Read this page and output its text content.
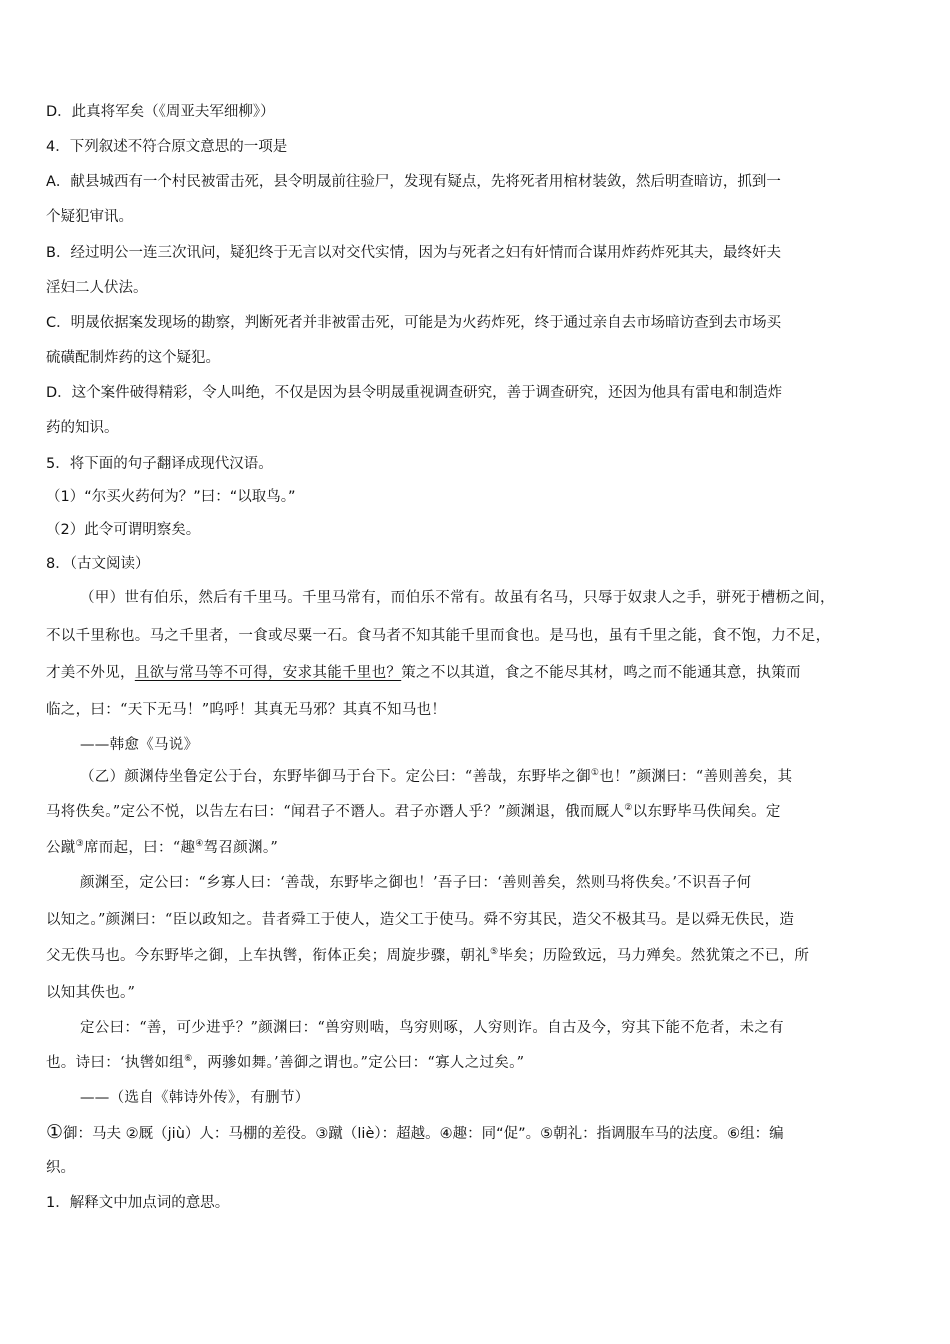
D．此真将军矣（《周亚夫军细柳》）
4．下列叙述不符合原文意思的一项是
A．献县城西有一个村民被雷击死，县令明晟前往验尸，发现有疑点，先将死者用棺材装敛，然后明查暗访，抓到一
个疑犯审讯。
B．经过明公一连三次讯问，疑犯终于无言以对交代实情，因为与死者之妇有奸情而合谋用炸药炸死其夫，最终奸夫
淫妇二人伏法。
C．明晟依据案发现场的勘察，判断死者并非被雷击死，可能是为火药炸死，终于通过亲自去市场暗访查到去市场买
硫磺配制炸药的这个疑犯。
D．这个案件破得精彩，令人叫绝，不仅是因为县令明晟重视调查研究，善于调查研究，还因为他具有雷电和制造炸
药的知识。
5．将下面的句子翻译成现代汉语。
（1）“尔买火药何为？”曰：“以取鸟。”
（2）此令可谓明察矣。
8．（古文阅读）
（甲）世有伯乐，然后有千里马。千里马常有，而伯乐不常有。故虽有名马，只辱于奴隶人之手，骈死于槽枥之间，
不以千里称也。马之千里者，一食或尽粟一石。食马者不知其能千里而食也。是马也，虽有千里之能，食不饱，力不足，
才美不外见，且欲与常马等不可得，安求其能千里也？策之不以其道，食之不能尽其材，鸣之而不能通其意，执策而
临之，曰：“天下无马！”呜呼！其真无马邪？其真不知马也！
——韩愈《马说》
（乙）颜渊侍坐鲁定公于台，东野毕御马于台下。定公曰：“善哉，东野毕之御①也！”颜渊曰：“善则善矣，其
马将佚矣。”定公不悦，以告左右曰：“闻君子不谮人。君子亦谮人乎？”颜渊退，俄而厩人②以东野毕马佚闻矣。定
公蹴③席而起，曰：“趣④驾召颜渊。”
颜渊至，定公曰：“乡寡人曰：‘善哉，东野毕之御也！’吾子曰：‘善则善矣，然则马将佚矣。’不识吾子何
以知之。”颜渊曰：“臣以政知之。昔者舜工于使人，造父工于使马。舜不穷其民，造父不极其马。是以舜无佚民，造
父无佚马也。今东野毕之御，上车执辔，衔体正矣；周旋步骤，朝礼⑤毕矣；历险致远，马力殚矣。然犹策之不已，所
以知其佚也。”
定公曰：“善，可少进乎？”颜渊曰：“兽穷则啮，鸟穷则啄，人穷则诈。自古及今，穷其下能不危者，未之有
也。诗曰：‘执辔如组⑥，两骖如舞。’善御之谓也。”定公曰：“寡人之过矣。”
——（选自《韩诗外传》，有删节）
①御：马夫 ②厩（jiù）人：马棚的差役。③蹴（liè）：超越。④趣：同“促”。⑤朝礼：指调服车马的法度。⑥组：编
织。
1．解释文中加点词的意思。
